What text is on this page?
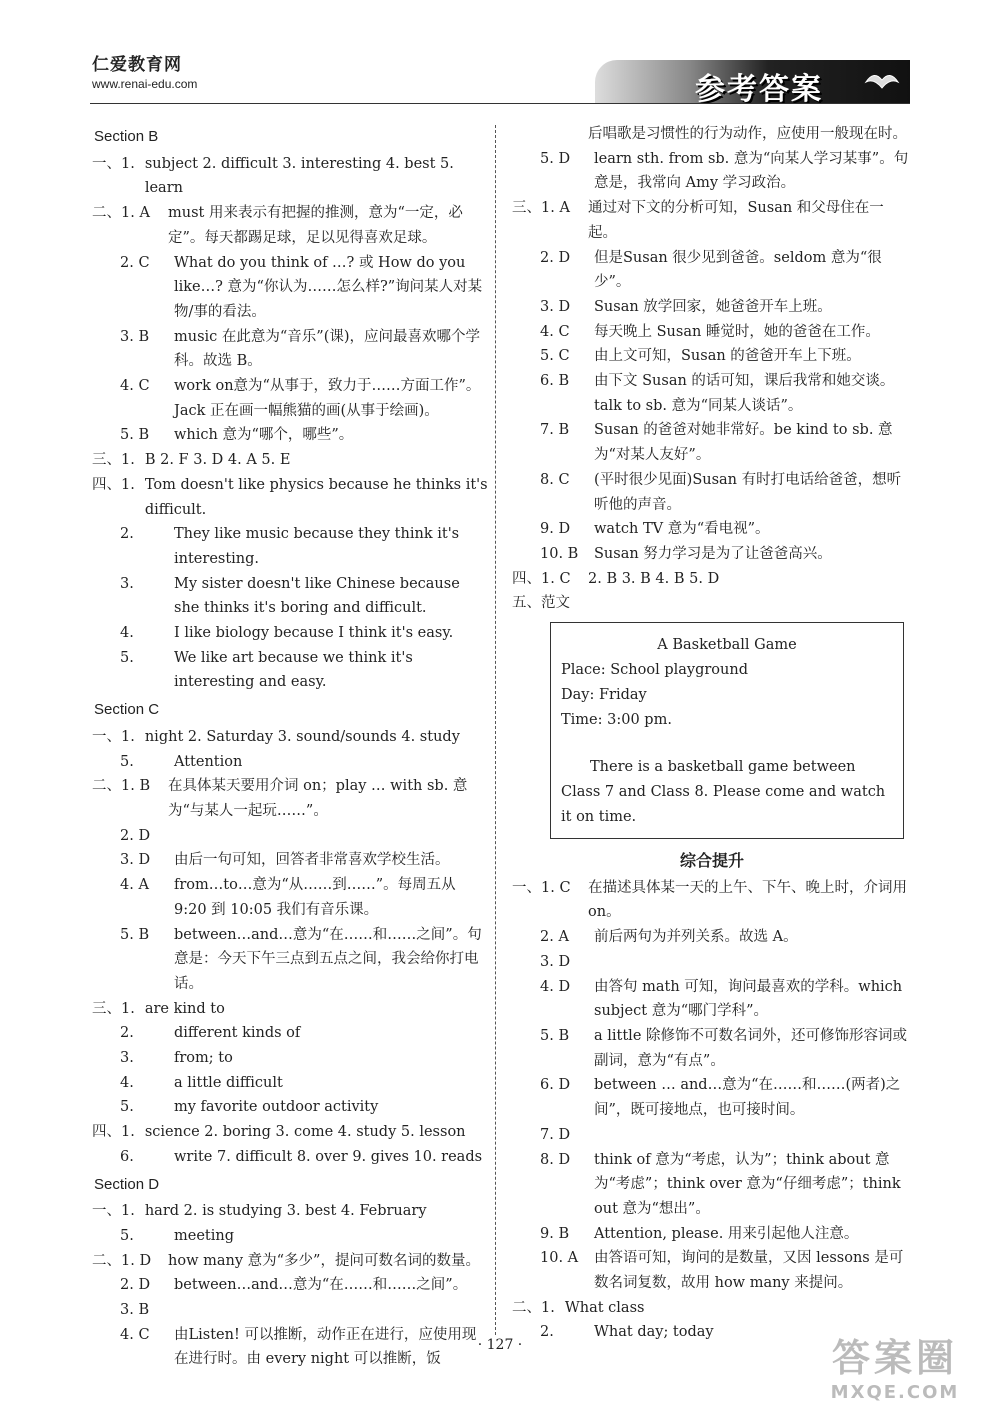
仁爱教育网
www.renai-edu.com	参考答案
Section B
一、1. subject 2. difficult 3. interesting 4. best 5. learn
二、1. A	must 用来表示有把握的推测，意为“一定，必定”。每天都踢足球，足以见得喜欢足球。
2. C	What do you think of …? 或 How do you like…? 意为“你认为……怎么样?”询问某人对某物/事的看法。
3. B	music 在此意为“音乐”(课)，应问最喜欢哪个学科。故选 B。
4. C	work on意为“从事于，致力于……方面工作”。Jack 正在画一幅熊猫的画(从事于绘画)。
5. B	which 意为“哪个，哪些”。
三、1. B 2. F 3. D 4. A 5. E
四、1. Tom doesn't like physics because he thinks it's difficult.
2.	They like music because they think it's interesting.
3.	My sister doesn't like Chinese because she thinks it's boring and difficult.
4.	I like biology because I think it's easy.
5.	We like art because we think it's interesting and easy.
Section C
一、1. night 2. Saturday 3. sound/sounds 4. study
5.	Attention
二、1. B	在具体某天要用介词 on；play … with sb. 意为“与某人一起玩……”。
2. D
3. D	由后一句可知，回答者非常喜欢学校生活。
4. A	from…to…意为“从……到……”。每周五从 9:20 到 10:05 我们有音乐课。
5. B	between…and…意为“在……和……之间”。句意是：今天下午三点到五点之间，我会给你打电话。
三、1. are kind to
2.	different kinds of
3.	from; to
4.	a little difficult
5.	my favorite outdoor activity
四、1. science 2. boring 3. come 4. study 5. lesson
6.	write 7. difficult 8. over 9. gives 10. reads
Section D
一、1. hard 2. is studying 3. best 4. February
5.	meeting
二、1. D	how many 意为“多少”，提问可数名词的数量。
2. D	between…and…意为“在……和……之间”。
3. B
4. C	由Listen! 可以推断，动作正在进行，应使用现在进行时。由 every night 可以推断，饭
后唱歌是习惯性的行为动作，应使用一般现在时。
5. D	learn sth. from sb. 意为“向某人学习某事”。句意是，我常向 Amy 学习政治。
三、1. A	通过对下文的分析可知，Susan 和父母住在一起。
2. D	但是Susan 很少见到爸爸。seldom 意为“很少”。
3. D	Susan 放学回家，她爸爸开车上班。
4. C	每天晚上 Susan 睡觉时，她的爸爸在工作。
5. C	由上文可知，Susan 的爸爸开车上下班。
6. B	由下文 Susan 的话可知，课后我常和她交谈。talk to sb. 意为“同某人谈话”。
7. B	Susan 的爸爸对她非常好。be kind to sb. 意为“对某人友好”。
8. C	(平时很少见面)Susan 有时打电话给爸爸，想听听他的声音。
9. D	watch TV 意为“看电视”。
10. B	Susan 努力学习是为了让爸爸高兴。
四、1. C	2. B 3. B 4. B 5. D
五、范文
A Basketball Game
Place: School playground
Day: Friday
Time: 3:00 pm.
There is a basketball game between Class 7 and Class 8. Please come and watch it on time.
综合提升
一、1. C	在描述具体某一天的上午、下午、晚上时，介词用 on。
2. A	前后两句为并列关系。故选 A。
3. D
4. D	由答句 math 可知，询问最喜欢的学科。which subject 意为“哪门学科”。
5. B	a little 除修饰不可数名词外，还可修饰形容词或副词，意为“有点”。
6. D	between … and…意为“在……和……(两者)之间”，既可接地点，也可接时间。
7. D
8. D	think of 意为“考虑，认为”；think about 意为“考虑”；think over 意为“仔细考虑”；think out 意为“想出”。
9. B	Attention, please. 用来引起他人注意。
10. A	由答语可知，询问的是数量，又因 lessons 是可数名词复数，故用 how many 来提问。
二、1. What class
2.	What day; today
· 127 ·	答案圈
MXQE.COM
